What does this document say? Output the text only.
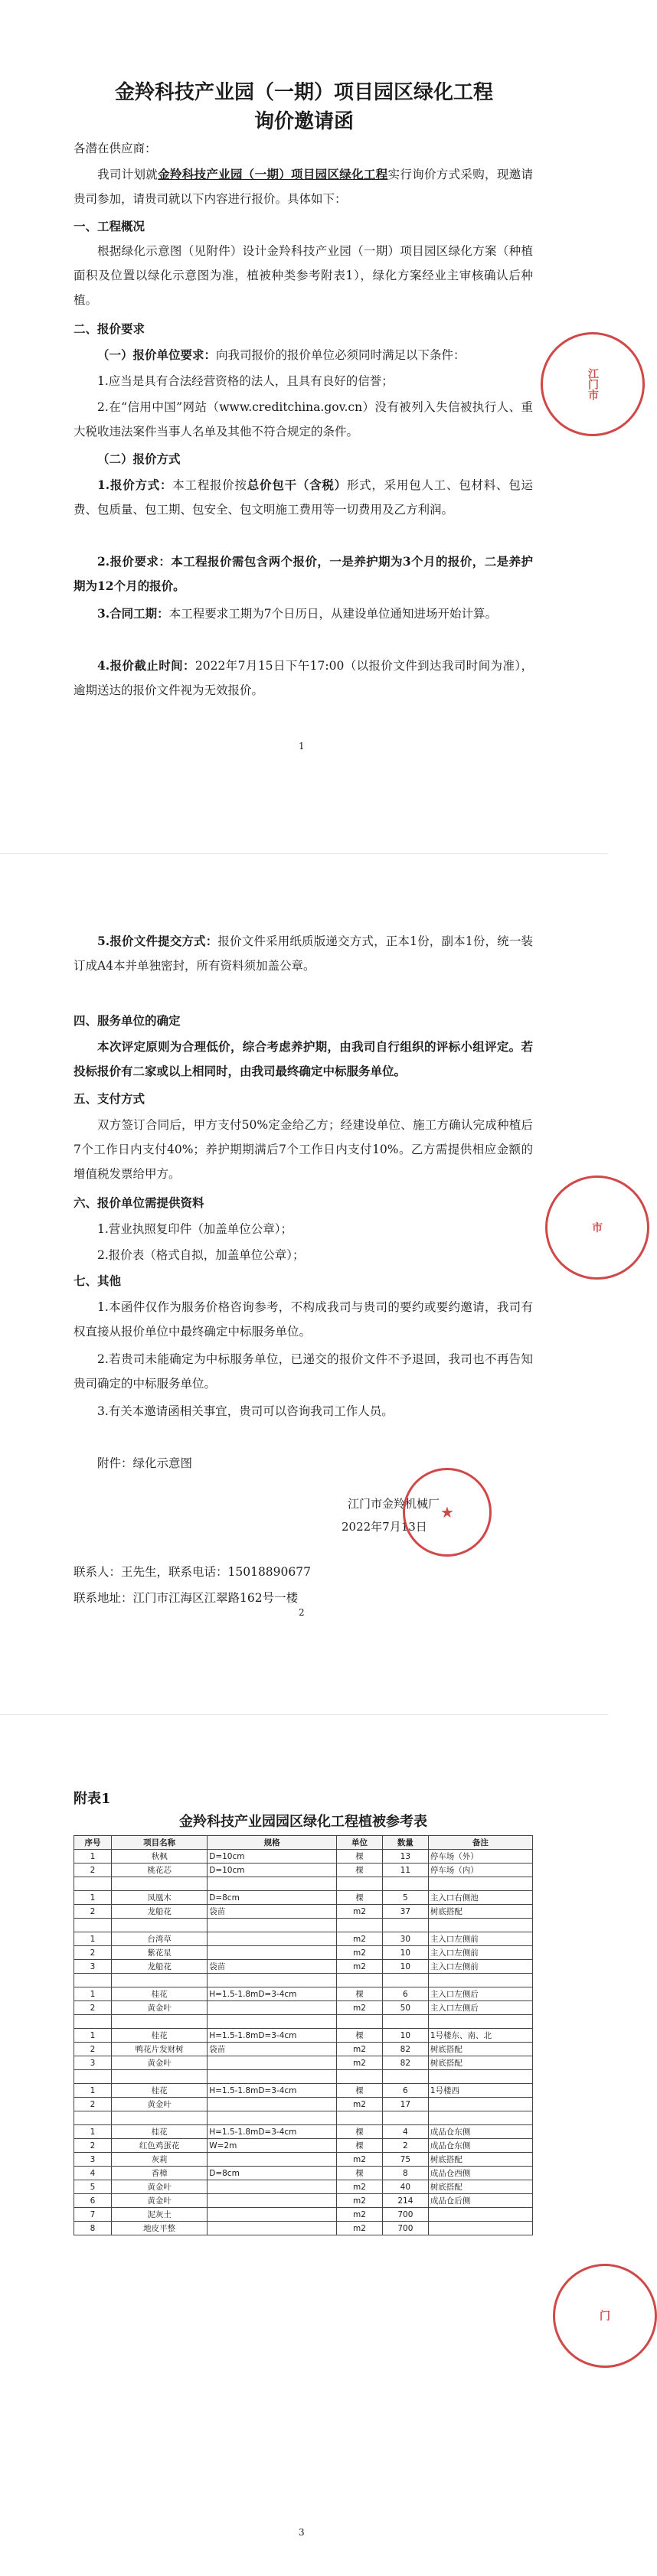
金羚科技产业园（一期）项目园区绿化工程
询价邀请函

各潜在供应商：

我司计划就金羚科技产业园（一期）项目园区绿化工程实行询价方式采购，现邀请贵司参加，请贵司就以下内容进行报价。具体如下：

一、工程概况

根据绿化示意图（见附件）设计金羚科技产业园（一期）项目园区绿化方案（种植面积及位置以绿化示意图为准，植被种类参考附表1），绿化方案经业主审核确认后种植。

二、报价要求

（一）报价单位要求：向我司报价的报价单位必须同时满足以下条件：

1.应当是具有合法经营资格的法人，且具有良好的信誉；

2.在“信用中国”网站（www.creditchina.gov.cn）没有被列入失信被执行人、重大税收违法案件当事人名单及其他不符合规定的条件。

（二）报价方式

1.报价方式：本工程报价按总价包干（含税）形式，采用包人工、包材料、包运费、包质量、包工期、包安全、包文明施工费用等一切费用及乙方利润。

2.报价要求：本工程报价需包含两个报价，一是养护期为3个月的报价，二是养护期为12个月的报价。

3.合同工期：本工程要求工期为7个日历日，从建设单位通知进场开始计算。

4.报价截止时间：2022年7月15日下午17:00（以报价文件到达我司时间为准），逾期送达的报价文件视为无效报价。

1
江门市

5.报价文件提交方式：报价文件采用纸质版递交方式，正本1份，副本1份，统一装订成A4本并单独密封，所有资料须加盖公章。

四、服务单位的确定

本次评定原则为合理低价，综合考虑养护期，由我司自行组织的评标小组评定。若投标报价有二家或以上相同时，由我司最终确定中标服务单位。

五、支付方式

双方签订合同后，甲方支付50%定金给乙方；经建设单位、施工方确认完成种植后7个工作日内支付40%；养护期期满后7个工作日内支付10%。乙方需提供相应金额的增值税发票给甲方。

六、报价单位需提供资料

1.营业执照复印件（加盖单位公章）；

2.报价表（格式自拟，加盖单位公章）；

七、其他

1.本函件仅作为服务价格咨询参考，不构成我司与贵司的要约或要约邀请，我司有权直接从报价单位中最终确定中标服务单位。

2.若贵司未能确定为中标服务单位，已递交的报价文件不予退回，我司也不再告知贵司确定的中标服务单位。

3.有关本邀请函相关事宜，贵司可以咨询我司工作人员。

附件：绿化示意图

江门市金羚机械厂
2022年7月13日
★
市

联系人：王先生，联系电话：15018890677

联系地址：江门市江海区江翠路162号一楼

2

附表1

金羚科技产业园园区绿化工程植被参考表

序号	项目名称	规格	单位	数量	备注
1	秋枫	D=10cm	棵	13	停车场（外）
2	桃花芯	D=10cm	棵	11	停车场（内）

1	凤凰木	D=8cm	棵	5	主入口右侧池
2	龙船花	袋苗	m2	37	树底搭配

1	台湾草		m2	30	主入口左侧前
2	紫花星		m2	10	主入口左侧前
3	龙船花	袋苗	m2	10	主入口左侧前

1	桂花	H=1.5-1.8mD=3-4cm	棵	6	主入口左侧后
2	黄金叶		m2	50	主入口左侧后

1	桂花	H=1.5-1.8mD=3-4cm	棵	10	1号楼东、南、北
2	鸭花片发财树	袋苗	m2	82	树底搭配
3	黄金叶		m2	82	树底搭配

1	桂花	H=1.5-1.8mD=3-4cm	棵	6	1号楼西
2	黄金叶		m2	17	

1	桂花	H=1.5-1.8mD=3-4cm	棵	4	成品仓东侧
2	红色鸡蛋花	W=2m	棵	2	成品仓东侧
3	灰莉		m2	75	树底搭配
4	香樟	D=8cm	棵	8	成品仓西侧
5	黄金叶		m2	40	树底搭配
6	黄金叶		m2	214	成品仓后侧
7	泥灰土		m2	700	
8	地皮平整		m2	700	
门
3
